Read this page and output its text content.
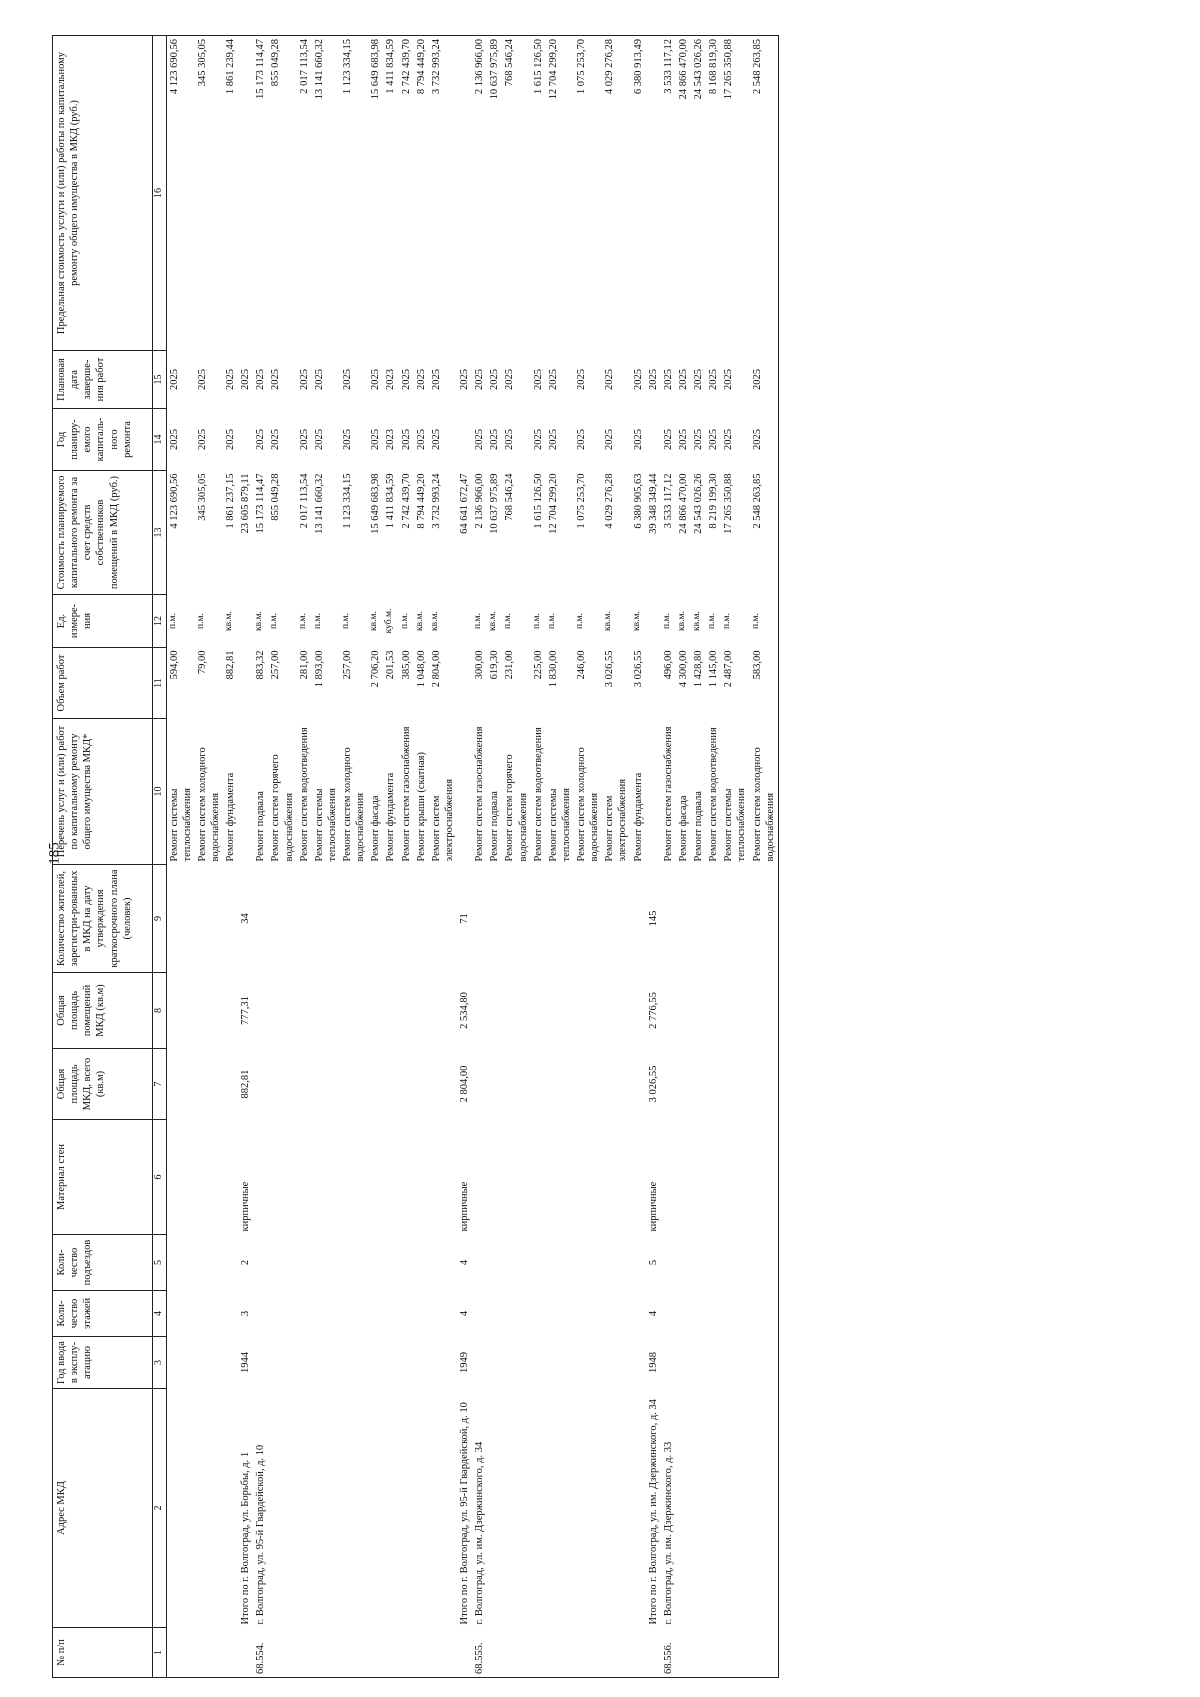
185
№ п/п	Адрес МКД	Год ввода в эксплу-атацию	Коли-чество этажей	Коли-чество подъездов	Материал стен	Общая площадь МКД, всего (кв.м)	Общая площадь помещений МКД (кв.м)	Количество жителей, зарегистри-рованных в МКД на дату утверждения краткосрочного плана (человек)	Перечень услуг и (или) работ по капитальному ремонту общего имущества МКД*	Объем работ	Ед. измере-ния	Стоимость планируемого капитального ремонта за счет средств собственников помещений в МКД (руб.)	Год планиру-емого капиталь-ного ремонта	Плановая дата заверше-ния работ	Предельная стоимость услуги и (или) работы по капитальному ремонту общего имущества в МКД (руб.)
1	2	3	4	5	6	7	8	9	10	11	12	13	14	15	16
									Ремонт системы теплоснабжения	594,00	п.м.	4 123 690,56	2025	2025	4 123 690,56
									Ремонт систем холодного водоснабжения	79,00	п.м.	345 305,05	2025	2025	345 305,05
									Ремонт фундамента	882,81	кв.м.	1 861 237,15	2025	2025	1 861 239,44
	Итого по г. Волгоград, ул. Борьбы, д. 1	1944	3	2	кирпичные	882,81	777,31	34				23 605 879,11		2025	
68.554.	г. Волгоград, ул. 95-й Гвардейской, д. 10								Ремонт подвала	883,32	кв.м.	15 173 114,47	2025	2025	15 173 114,47
									Ремонт систем горячего водоснабжения	257,00	п.м.	855 049,28	2025	2025	855 049,28
									Ремонт систем водоотведения	281,00	п.м.	2 017 113,54	2025	2025	2 017 113,54
									Ремонт системы теплоснабжения	1 893,00	п.м.	13 141 660,32	2025	2025	13 141 660,32
									Ремонт систем холодного водоснабжения	257,00	п.м.	1 123 334,15	2025	2025	1 123 334,15
									Ремонт фасада	2 706,20	кв.м.	15 649 683,98	2025	2025	15 649 683,98
									Ремонт фундамента	201,53	куб.м.	1 411 834,59	2023	2023	1 411 834,59
									Ремонт систем газоснабжения	385,00	п.м.	2 742 439,70	2025	2025	2 742 439,70
									Ремонт крыши (скатная)	1 048,00	кв.м.	8 794 449,20	2025	2025	8 794 449,20
									Ремонт систем электроснабжения	2 804,00	кв.м.	3 732 993,24	2025	2025	3 732 993,24
	Итого по г. Волгоград, ул. 95-й Гвардейской, д. 10	1949	4	4	кирпичные	2 804,00	2 534,80	71				64 641 672,47		2025	
68.555.	г. Волгоград, ул. им. Дзержинского, д. 34								Ремонт систем газоснабжения	300,00	п.м.	2 136 966,00	2025	2025	2 136 966,00
									Ремонт подвала	619,30	кв.м.	10 637 975,89	2025	2025	10 637 975,89
									Ремонт систем горячего водоснабжения	231,00	п.м.	768 546,24	2025	2025	768 546,24
									Ремонт систем водоотведения	225,00	п.м.	1 615 126,50	2025	2025	1 615 126,50
									Ремонт системы теплоснабжения	1 830,00	п.м.	12 704 299,20	2025	2025	12 704 299,20
									Ремонт систем холодного водоснабжения	246,00	п.м.	1 075 253,70	2025	2025	1 075 253,70
									Ремонт систем электроснабжения	3 026,55	кв.м.	4 029 276,28	2025	2025	4 029 276,28
									Ремонт фундамента	3 026,55	кв.м.	6 380 905,63	2025	2025	6 380 913,49
	Итого по г. Волгоград, ул. им. Дзержинского, д. 34	1948	4	5	кирпичные	3 026,55	2 776,55	145				39 348 349,44		2025	
68.556.	г. Волгоград, ул. им. Дзержинского, д. 33								Ремонт систем газоснабжения	496,00	п.м.	3 533 117,12	2025	2025	3 533 117,12
									Ремонт фасада	4 300,00	кв.м.	24 866 470,00	2025	2025	24 866 470,00
									Ремонт подвала	1 428,80	кв.м.	24 543 026,26	2025	2025	24 543 026,26
									Ремонт систем водоотведения	1 145,00	п.м.	8 219 199,30	2025	2025	8 168 819,30
									Ремонт системы теплоснабжения	2 487,00	п.м.	17 265 350,88	2025	2025	17 265 350,88
									Ремонт систем холодного водоснабжения	583,00	п.м.	2 548 263,85	2025	2025	2 548 263,85
